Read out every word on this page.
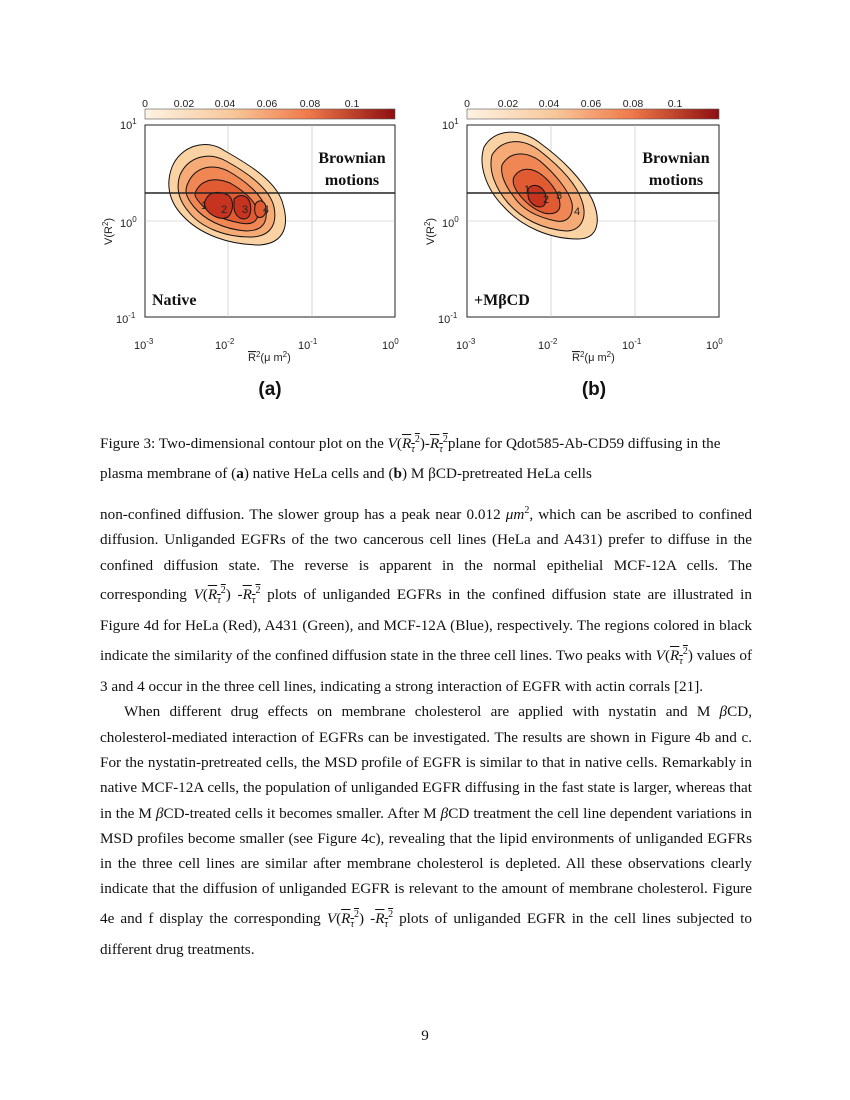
0 0.02 0.04 0.06 0.08 0.1
1 2 3 4
Brownian
motions
Native
$10^1$
$10^0$
$10^{-1}$
$V(R^2)$
$10^{-3}$	$10^{-2}$	$10^{-1}$	$10^0$
$R^2(\mu$ $m^2$)
(a)
0	0.02 0.04 0.06 0.08 0.1
1
2 3
4
Brownian
motions
+MβCD
$10^1$
$10^0$
$10^{-1}$
$V(R^2)$
$10^{-3}$	$10^{-2}$	$10^{-1}$	$10^0$
$R^2(\mu$ $m^2$)
(b)
Figure 3: Two-dimensional contour plot on the $V(R_\tau^2)-R_\tau^2plane$ for Qdot585-Ab-CD59 diffusing in the plasma membrane of (a) native HeLa cells and (b) M βCD-pretreated HeLa cells

non-confined diffusion. The slower group has a peak near 0.012 $\mu m^2$, which can be ascribed to confined diffusion. Unliganded EGFRs of the two cancerous cell lines (HeLa and A431) prefer to diffuse in the confined diffusion state. The reverse is apparent in the normal epithelial MCF-12A cells. The corresponding $V(R_\tau^2)$ $-R_\tau^2$ plots of unliganded EGFRs in the confined diffusion state are illustrated in Figure 4d for HeLa (Red), A431 (Green), and MCF-12A (Blue), respectively. The regions colored in black indicate the similarity of the confined diffusion state in the three cell lines. Two peaks with $V(R_\tau^2)$ values of 3 and 4 occur in the three cell lines, indicating a strong interaction of EGFR with actin corrals [21].

When different drug effects on membrane cholesterol are applied with nystatin and M βCD, cholesterol-mediated interaction of EGFRs can be investigated. The results are shown in Figure 4b and c. For the nystatin-pretreated cells, the MSD profile of EGFR is similar to that in native cells. Remarkably in native MCF-12A cells, the population of unliganded EGFR diffusing in the fast state is larger, whereas that in the M βCD-treated cells it becomes smaller. After M βCD treatment the cell line dependent variations in MSD profiles become smaller (see Figure 4c), revealing that the lipid environments of unliganded EGFRs in the three cell lines are similar after membrane cholesterol is depleted. All these observations clearly indicate that the diffusion of unliganded EGFR is relevant to the amount of membrane cholesterol. Figure 4e and f display the corresponding $V(R_\tau^2)$ $-R_\tau^2$ plots of unliganded EGFR in the cell lines subjected to different drug treatments.

9
